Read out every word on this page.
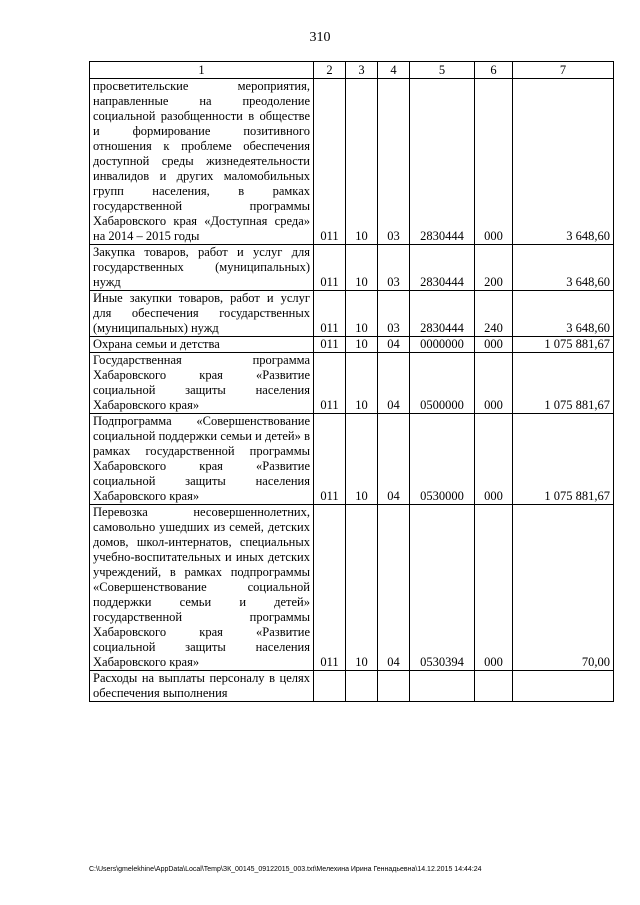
310
1	2	3	4	5	6	7
просветительские мероприятия, направленные на преодоление социальной разобщенности в обществе и формирование позитивного отношения к проблеме обеспечения доступной среды жизнедеятельности инвалидов и других маломобильных групп населения, в рамках государственной программы Хабаровского края «Доступная среда» на 2014 – 2015 годы	011	10	03	2830444	000	3 648,60
Закупка товаров, работ и услуг для государственных (муниципальных) нужд	011	10	03	2830444	200	3 648,60
Иные закупки товаров, работ и услуг для обеспечения государственных (муниципальных) нужд	011	10	03	2830444	240	3 648,60
Охрана семьи и детства	011	10	04	0000000	000	1 075 881,67
Государственная программа Хабаровского края «Развитие социальной защиты населения Хабаровского края»	011	10	04	0500000	000	1 075 881,67
Подпрограмма «Совершенствование социальной поддержки семьи и детей» в рамках государственной программы Хабаровского края «Развитие социальной защиты населения Хабаровского края»	011	10	04	0530000	000	1 075 881,67
Перевозка несовершеннолетних, самовольно ушедших из семей, детских домов, школ-интернатов, специальных учебно-воспитательных и иных детских учреждений, в рамках подпрограммы «Совершенствование социальной поддержки семьи и детей» государственной программы Хабаровского края «Развитие социальной защиты населения Хабаровского края»	011	10	04	0530394	000	70,00
Расходы на выплаты персоналу в целях обеспечения выполнения						
C:\Users\gmelekhine\AppData\Local\Temp\ЗК_00145_09122015_003.txt\Мелехина Ирина Геннадьевна\14.12.2015 14:44:24
